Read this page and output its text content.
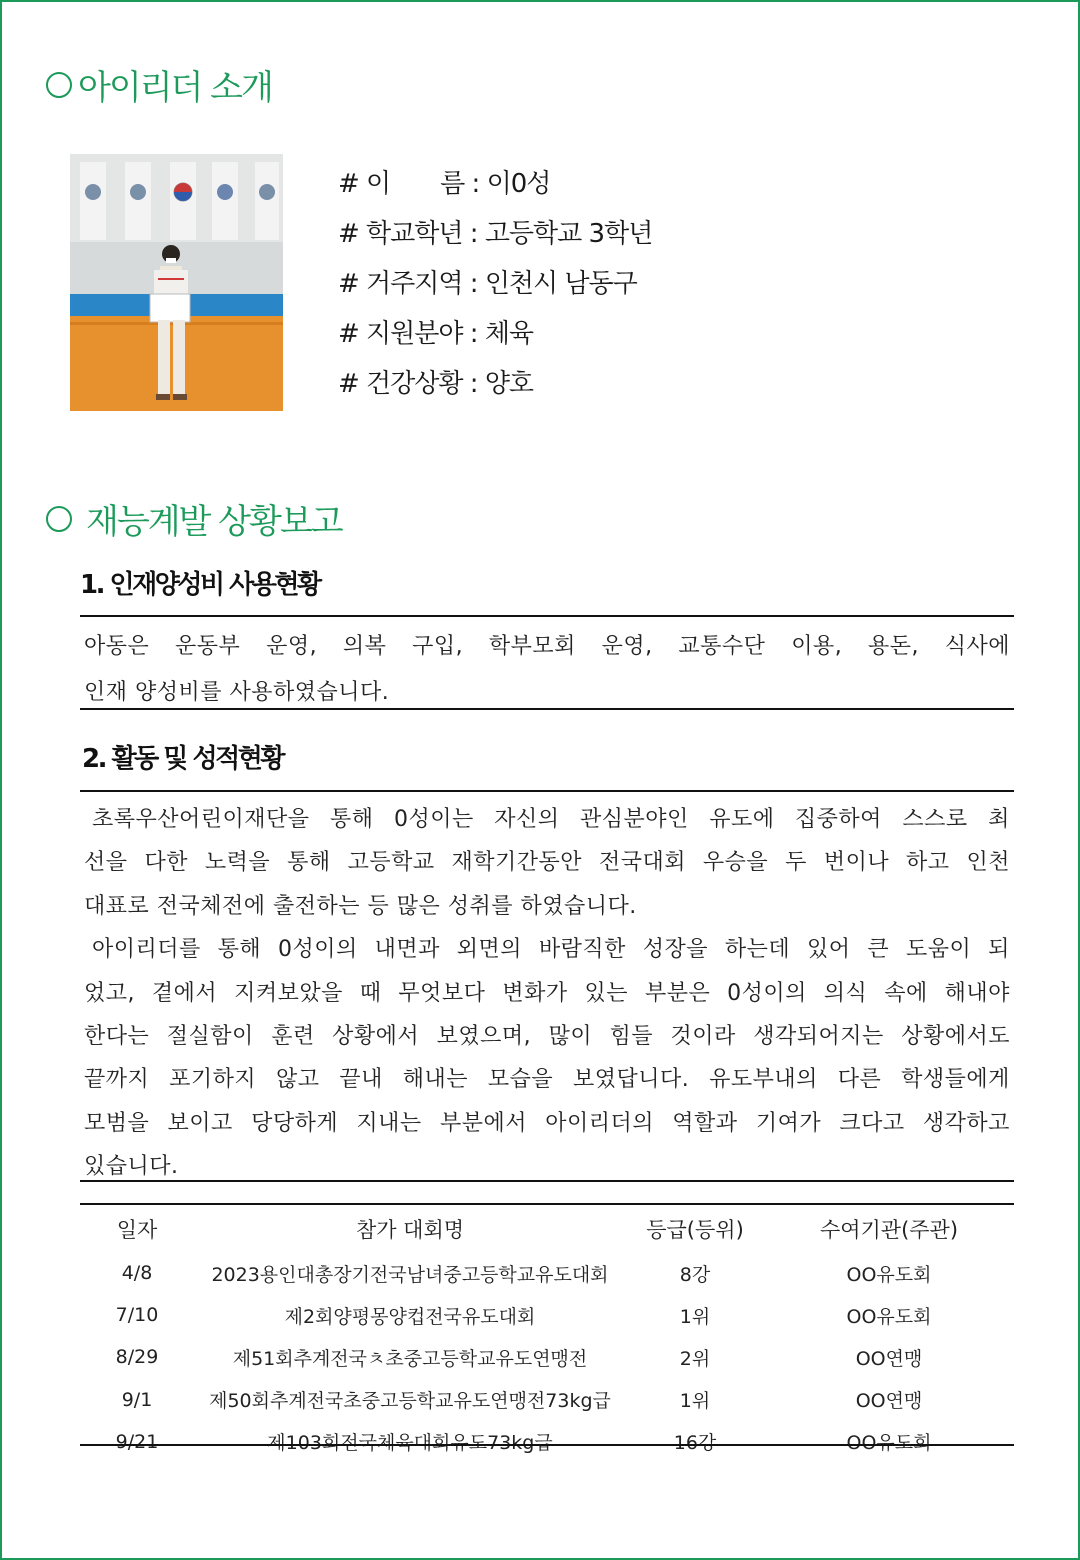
아이리더 소개
# 이　　름 : 이0성
# 학교학년 : 고등학교 3학년
# 거주지역 : 인천시 남동구
# 지원분야 : 체육
# 건강상황 : 양호
재능계발 상황보고
1. 인재양성비 사용현황
아동은 운동부 운영, 의복 구입, 학부모회 운영, 교통수단 이용, 용돈, 식사에

인재 양성비를 사용하였습니다.

2. 활동 및 성적현황
초록우산어린이재단을 통해 0성이는 자신의 관심분야인 유도에 집중하여 스스로 최
선을 다한 노력을 통해 고등학교 재학기간동안 전국대회 우승을 두 번이나 하고 인천

대표로 전국체전에 출전하는 등 많은 성취를 하였습니다.

아이리더를 통해 0성이의 내면과 외면의 바람직한 성장을 하는데 있어 큰 도움이 되
었고, 곁에서 지켜보았을 때 무엇보다 변화가 있는 부분은 0성이의 의식 속에 해내야
한다는 절실함이 훈련 상황에서 보였으며, 많이 힘들 것이라 생각되어지는 상황에서도
끝까지 포기하지 않고 끝내 해내는 모습을 보였답니다. 유도부내의 다른 학생들에게
모범을 보이고 당당하게 지내는 부분에서 아이리더의 역할과 기여가 크다고 생각하고

있습니다.

일자	참가 대회명	등급(등위)	수여기관(주관)
4/8	2023용인대총장기전국남녀중고등학교유도대회	8강	OO유도회
7/10	제2회양평몽양컵전국유도대회	1위	OO유도회
8/29	제51회추계전국ㅊ초중고등학교유도연맹전	2위	OO연맹
9/1	제50회추계전국초중고등학교유도연맹전73kg급	1위	OO연맹
9/21	제103회전국체육대회유도73kg급	16강	OO유도회
